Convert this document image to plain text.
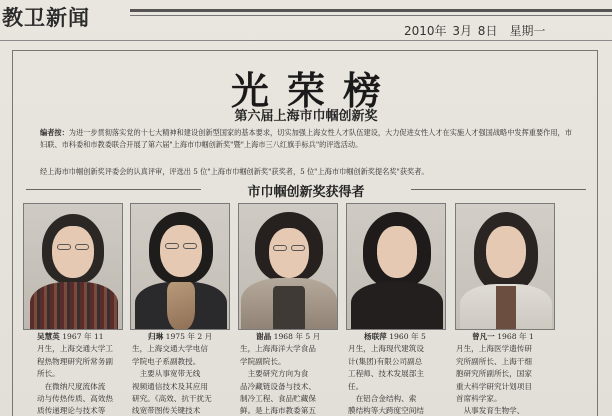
教卫新闻
2010年 3月 8日　星期一
光荣榜
第六届上海市巾帼创新奖
编者按：为进一步贯彻落实党的十七大精神和建设创新型国家的基本要求，切实加强上海女性人才队伍建设，大力促进女性人才在实施人才强国战略中发挥重要作用，市妇联、市科委和市教委联合开展了第六届"上海市巾帼创新奖"暨"上海市三八红旗手标兵"的评选活动。
经上海市巾帼创新奖评委会的认真评审，评选出 5 位"上海市巾帼创新奖"获奖者，5 位"上海市巾帼创新奖提名奖"获奖者。
市巾帼创新奖获得者
吴慧英 1967 年 11
月生，上海交通大学工
程热物理研究所常务副
所长。
　在微纳尺度流体流
动与传热传质、高效热
质传递理论与技术等
归琳 1975 年 2 月
生，上海交通大学电信
学院电子系副教授。
　主要从事宽带无线
视频通信技术及其应用
研究。《高效、抗干扰无
线宽带图传关键技术
谢晶 1968 年 5 月
生，上海海洋大学食品
学院副院长。
　主要研究方向为食
品冷藏链设备与技术、
制冷工程、食品贮藏保
鲜。是上海市教委第五
杨联萍 1960 年 5
月生，上海现代建筑设
计(集团)有限公司副总
工程师、技术发展部主
任。
　在铝合金结构、索
膜结构等大跨度空间结
曾凡一 1968 年 1
月生，上海医学遗传研
究所副所长、上海干细
胞研究所副所长，国家
重大科学研究计划项目
首席科学家。
　从事发育生物学、
